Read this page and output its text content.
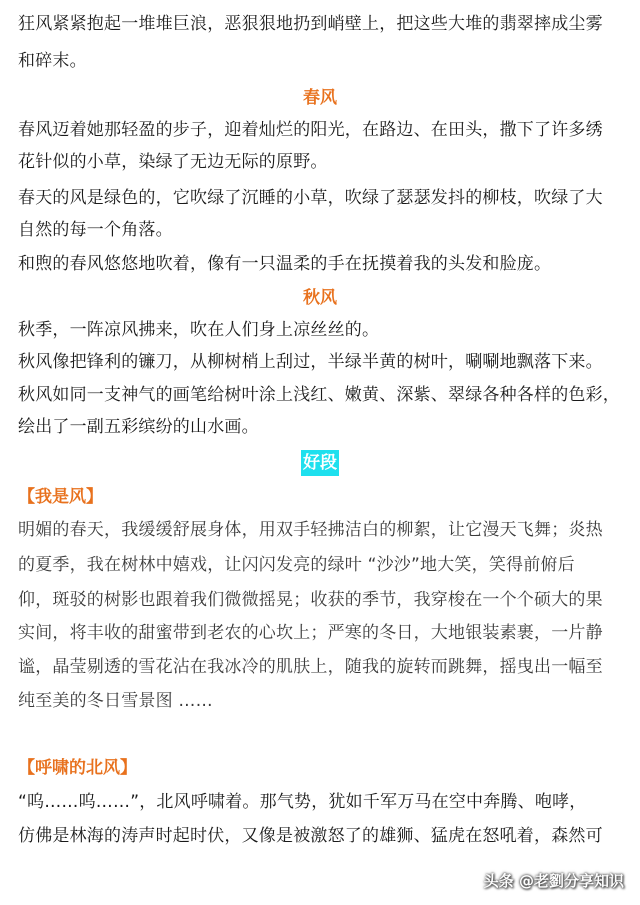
狂风紧紧抱起一堆堆巨浪，恶狠狠地扔到峭壁上，把这些大堆的翡翠摔成尘雾
和碎末。
春风
春风迈着她那轻盈的步子，迎着灿烂的阳光，在路边、在田头，撒下了许多绣
花针似的小草，染绿了无边无际的原野。
春天的风是绿色的，它吹绿了沉睡的小草，吹绿了瑟瑟发抖的柳枝，吹绿了大
自然的每一个角落。
和煦的春风悠悠地吹着，像有一只温柔的手在抚摸着我的头发和脸庞。
秋风
秋季，一阵凉风拂来，吹在人们身上凉丝丝的。
秋风像把锋利的镰刀，从柳树梢上刮过，半绿半黄的树叶，唰唰地飘落下来。
秋风如同一支神气的画笔给树叶涂上浅红、嫩黄、深紫、翠绿各种各样的色彩，
绘出了一副五彩缤纷的山水画。
好段
【我是风】
明媚的春天，我缓缓舒展身体，用双手轻拂洁白的柳絮，让它漫天飞舞；炎热
的夏季，我在树林中嬉戏，让闪闪发亮的绿叶 “沙沙”地大笑，笑得前俯后
仰，斑驳的树影也跟着我们微微摇晃；收获的季节，我穿梭在一个个硕大的果
实间，将丰收的甜蜜带到老农的心坎上；严寒的冬日，大地银装素裹，一片静
谧，晶莹剔透的雪花沾在我冰冷的肌肤上，随我的旋转而跳舞，摇曳出一幅至
纯至美的冬日雪景图 ……
【呼啸的北风】
“呜……呜……”，北风呼啸着。那气势，犹如千军万马在空中奔腾、咆哮，
仿佛是林海的涛声时起时伏，又像是被激怒了的雄狮、猛虎在怒吼着，森然可
头条 @老劉分享知识
